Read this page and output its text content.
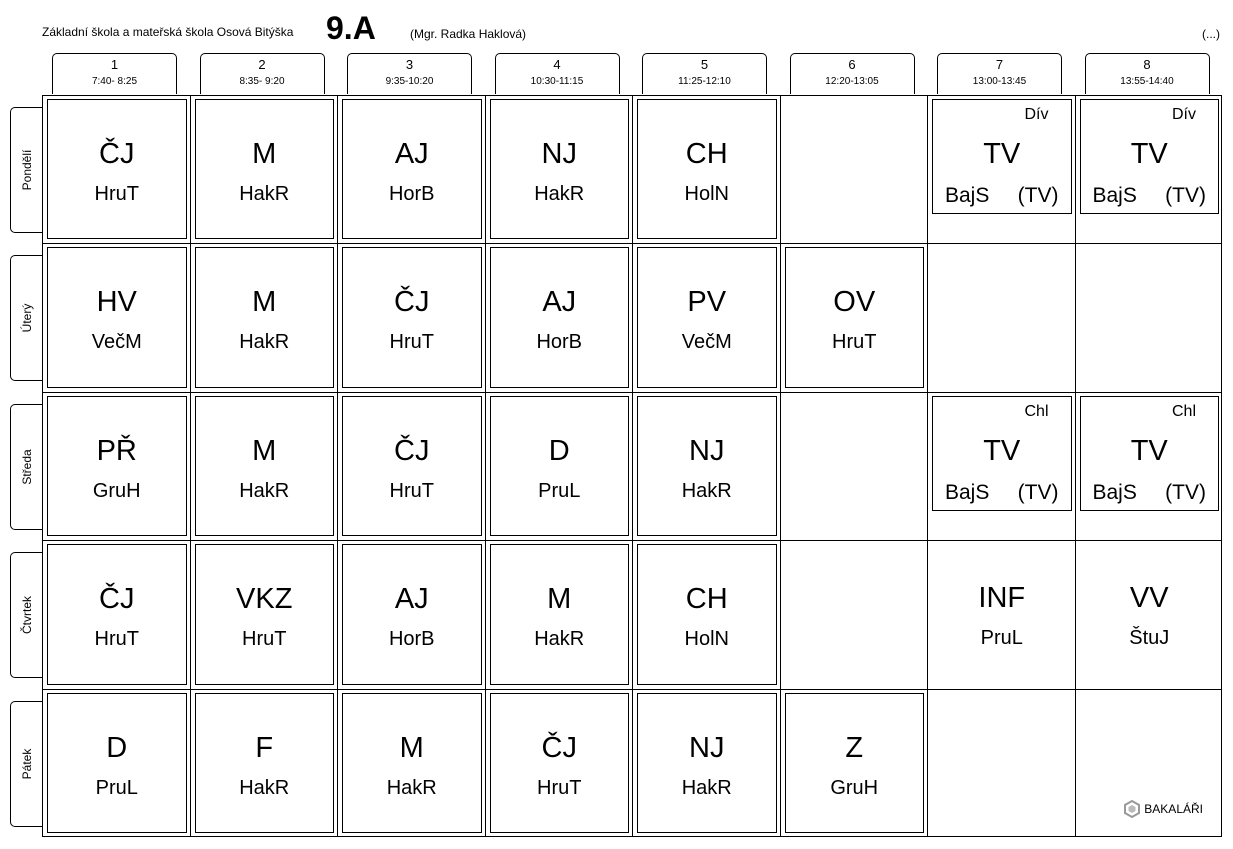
Základní škola a mateřská škola Osová Bitýška 9.A	(Mgr. Radka Haklová)	(...)
1
7:40- 8:25
2
8:35- 9:20
3
9:35-10:20
4
10:30-11:15
5
11:25-12:10
6
12:20-13:05
7
13:00-13:45
8
13:55-14:40
Pondělí
Úterý
Středa
Čtvrtek
Pátek
ČJ
HruT
M
HakR
AJ
HorB
NJ
HakR
CH
HolN
Dív
TV
BajS (TV)
Dív
TV
BajS (TV)
HV
VečM
M
HakR
ČJ
HruT
AJ
HorB
PV
VečM
OV
HruT
PŘ
GruH
M
HakR
ČJ
HruT
D
PruL
NJ
HakR
Chl
TV
BajS (TV)
Chl
TV
BajS (TV)
ČJ
HruT
VKZ
HruT
AJ
HorB
M
HakR
CH
HolN
INF
PruL
VV
ŠtuJ
D
PruL
F
HakR
M
HakR
ČJ
HruT
NJ
HakR
Z
GruH
BAKALÁŘI
